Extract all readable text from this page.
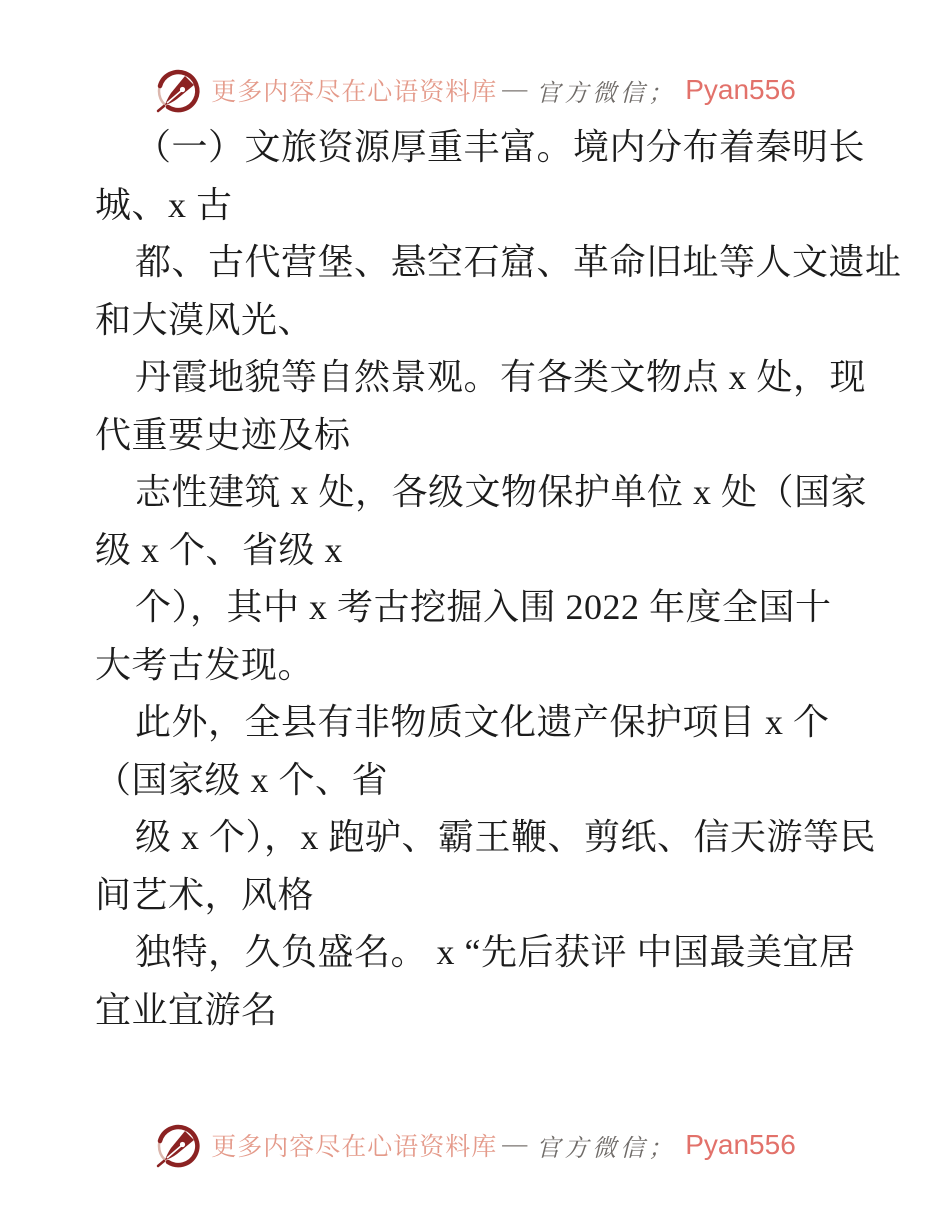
更多内容尽在心语资料库 — 官方微信； Pyan556
（一）文旅资源厚重丰富。境内分布着秦明长
城、x 古
都、古代营堡、悬空石窟、革命旧址等人文遗址
和大漠风光、
丹霞地貌等自然景观。有各类文物点 x 处，现
代重要史迹及标
志性建筑 x 处，各级文物保护单位 x 处（国家
级 x 个、省级 x
个），其中 x 考古挖掘入围 2022 年度全国十
大考古发现。
此外，全县有非物质文化遗产保护项目 x 个
（国家级 x 个、省
级 x 个），x 跑驴、霸王鞭、剪纸、信天游等民
间艺术，风格
独特，久负盛名。 x “先后获评 中国最美宜居
宜业宜游名
更多内容尽在心语资料库 — 官方微信； Pyan556
